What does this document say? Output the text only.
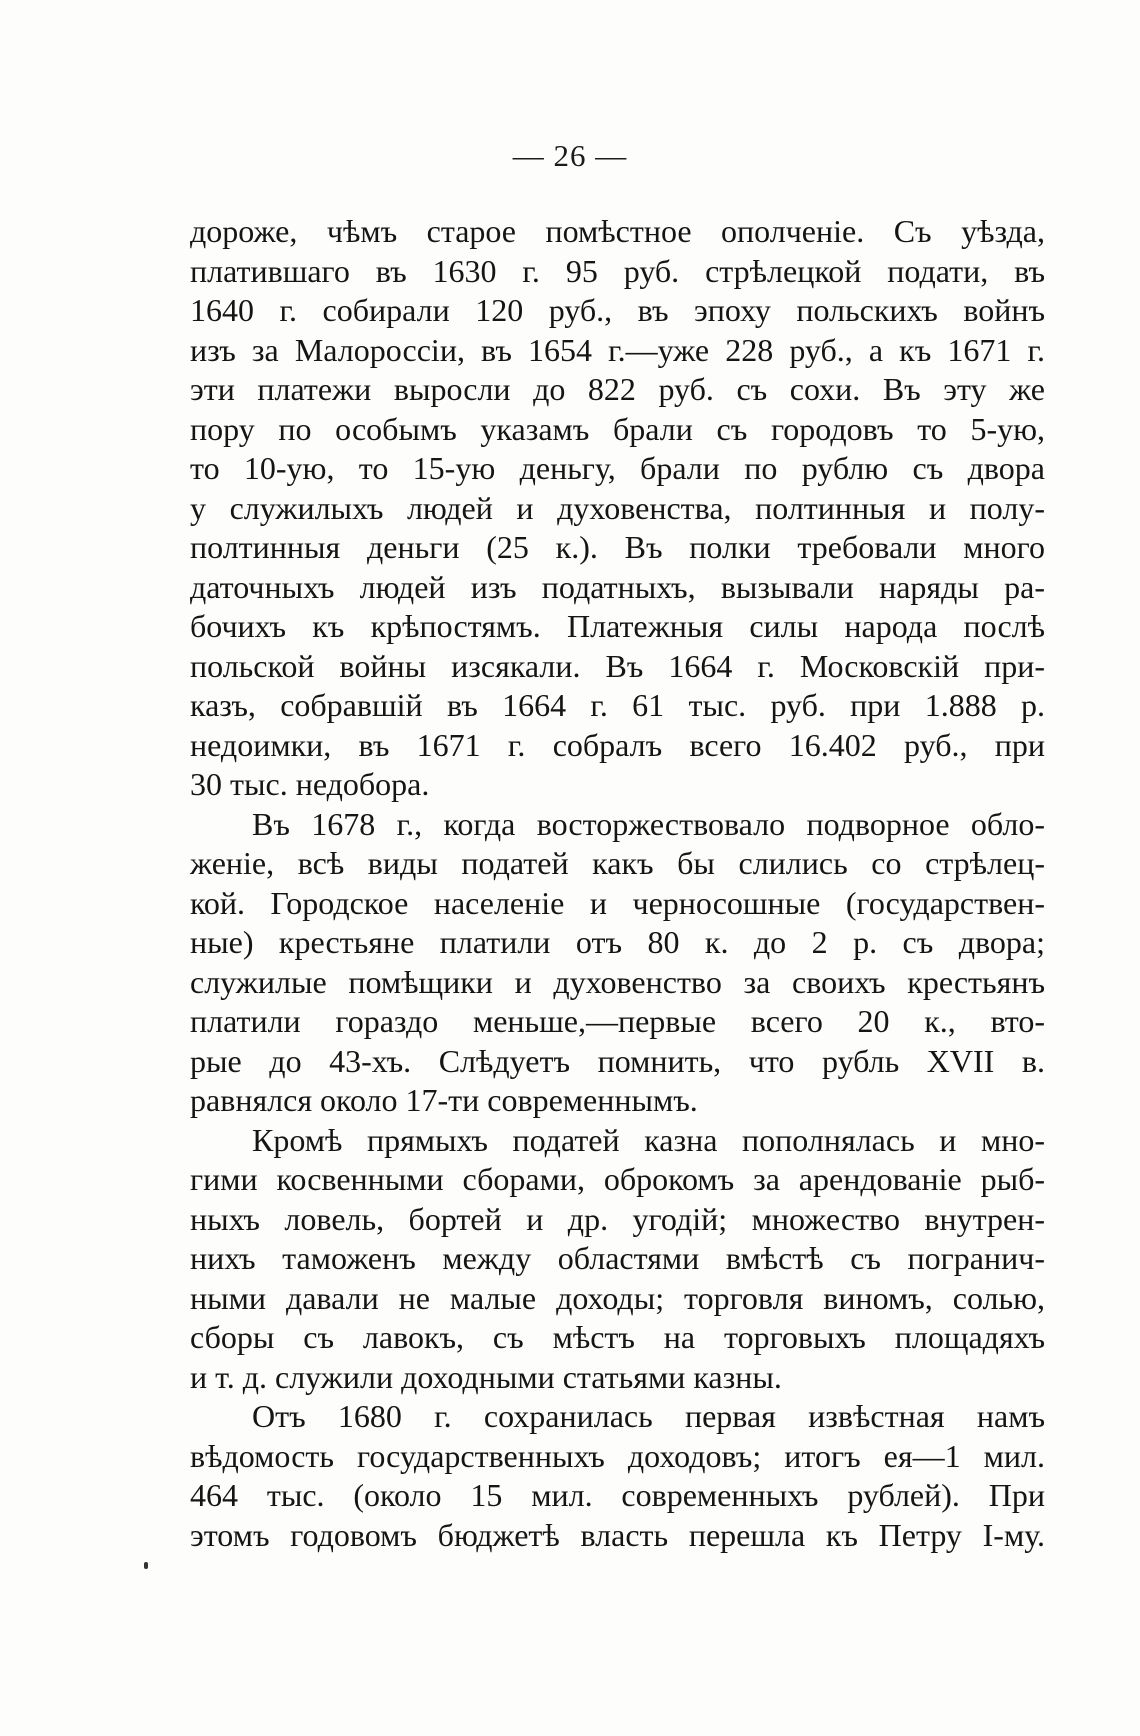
— 26 —
дороже, чѣмъ старое помѣстное ополченіе. Съ уѣзда,
платившаго въ 1630 г. 95 руб. стрѣлецкой подати, въ
1640 г. собирали 120 руб., въ эпоху польскихъ войнъ
изъ за Малороссіи, въ 1654 г.—уже 228 руб., а къ 1671 г.
эти платежи выросли до 822 руб. съ сохи. Въ эту же
пору по особымъ указамъ брали съ городовъ то 5-ую,
то 10-ую, то 15-ую деньгу, брали по рублю съ двора
у служилыхъ людей и духовенства, полтинныя и полу-
полтинныя деньги (25 к.). Въ полки требовали много
даточныхъ людей изъ податныхъ, вызывали наряды ра-
бочихъ къ крѣпостямъ. Платежныя силы народа послѣ
польской войны изсякали. Въ 1664 г. Московскій при-
казъ, собравшій въ 1664 г. 61 тыс. руб. при 1.888 р.
недоимки, въ 1671 г. собралъ всего 16.402 руб., при
30 тыс. недобора.
Въ 1678 г., когда восторжествовало подворное обло-
женіе, всѣ виды податей какъ бы слились со стрѣлец-
кой. Городское населеніе и черносошные (государствен-
ные) крестьяне платили отъ 80 к. до 2 р. съ двора;
служилые помѣщики и духовенство за своихъ крестьянъ
платили гораздо меньше,—первые всего 20 к., вто-
рые до 43-хъ. Слѣдуетъ помнить, что рубль XVII в.
равнялся около 17-ти современнымъ.
Кромѣ прямыхъ податей казна пополнялась и мно-
гими косвенными сборами, оброкомъ за арендованіе рыб-
ныхъ ловель, бортей и др. угодій; множество внутрен-
нихъ таможенъ между областями вмѣстѣ съ погранич-
ными давали не малые доходы; торговля виномъ, солью,
сборы съ лавокъ, съ мѣстъ на торговыхъ площадяхъ
и т. д. служили доходными статьями казны.
Отъ 1680 г. сохранилась первая извѣстная намъ
вѣдомость государственныхъ доходовъ; итогъ ея—1 мил.
464 тыс. (около 15 мил. современныхъ рублей). При
этомъ годовомъ бюджетѣ власть перешла къ Петру І-му.
